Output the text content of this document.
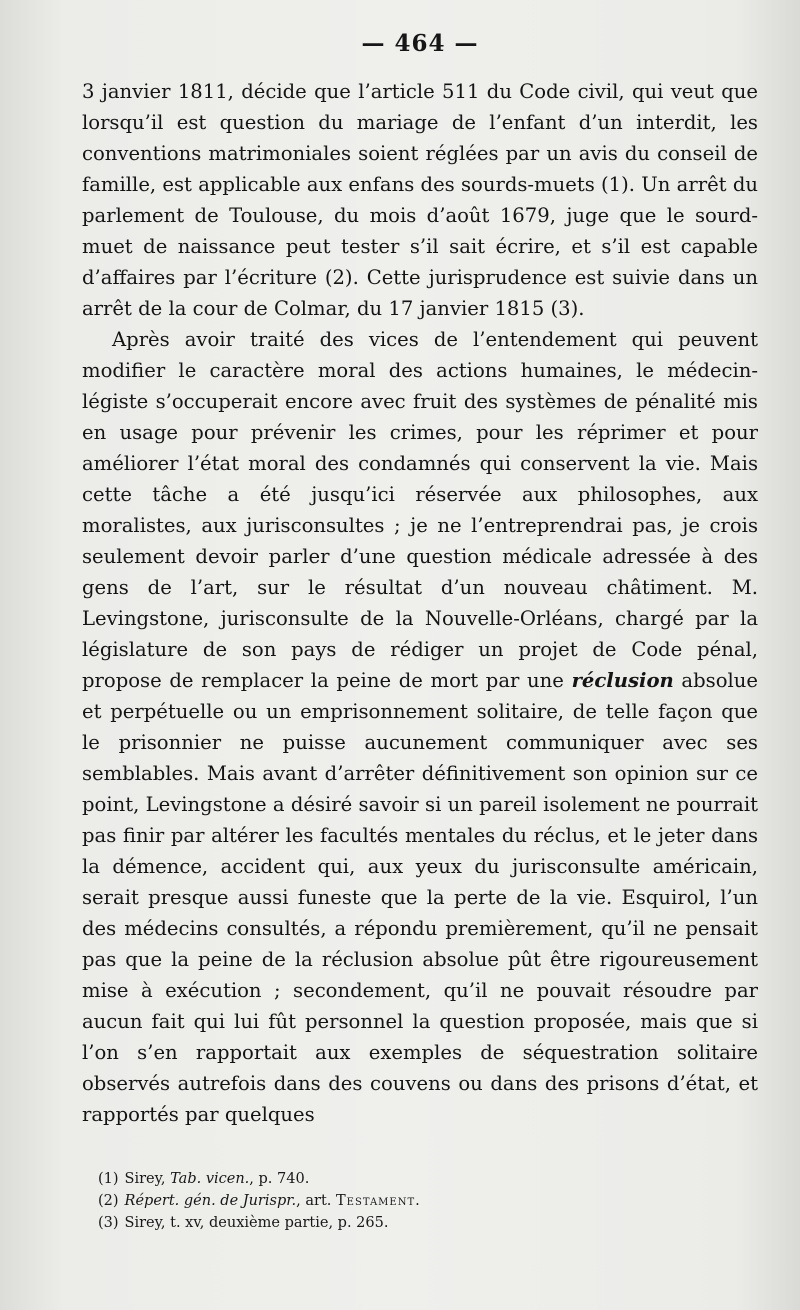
— 464 —

3 janvier 1811, décide que l’article 511 du Code civil, qui veut que lorsqu’il est question du mariage de l’enfant d’un interdit, les conventions matrimoniales soient réglées par un avis du conseil de famille, est applicable aux enfans des sourds-muets (1). Un arrêt du parlement de Toulouse, du mois d’août 1679, juge que le sourd-muet de naissance peut tester s’il sait écrire, et s’il est capable d’affaires par l’écriture (2). Cette jurisprudence est suivie dans un arrêt de la cour de Colmar, du 17 janvier 1815 (3).

Après avoir traité des vices de l’entendement qui peuvent modifier le caractère moral des actions humaines, le médecin-légiste s’occuperait encore avec fruit des systèmes de pénalité mis en usage pour prévenir les crimes, pour les réprimer et pour améliorer l’état moral des condamnés qui conservent la vie. Mais cette tâche a été jusqu’ici réservée aux philosophes, aux moralistes, aux jurisconsultes ; je ne l’entreprendrai pas, je crois seulement devoir parler d’une question médicale adressée à des gens de l’art, sur le résultat d’un nouveau châtiment. M. Levingstone, jurisconsulte de la Nouvelle-Orléans, chargé par la législature de son pays de rédiger un projet de Code pénal, propose de remplacer la peine de mort par une réclusion absolue et perpétuelle ou un emprisonnement solitaire, de telle façon que le prisonnier ne puisse aucunement communiquer avec ses semblables. Mais avant d’arrêter définitivement son opinion sur ce point, Levingstone a désiré savoir si un pareil isolement ne pourrait pas finir par altérer les facultés mentales du réclus, et le jeter dans la démence, accident qui, aux yeux du jurisconsulte américain, serait presque aussi funeste que la perte de la vie. Esquirol, l’un des médecins consultés, a répondu premièrement, qu’il ne pensait pas que la peine de la réclusion absolue pût être rigoureusement mise à exécution ; secondement, qu’il ne pouvait résoudre par aucun fait qui lui fût personnel la question proposée, mais que si l’on s’en rapportait aux exemples de séquestration solitaire observés autrefois dans des couvens ou dans des prisons d’état, et rapportés par quelques

(1) Sirey, Tab. vicen., p. 740.
(2) Répert. gén. de Jurispr., art. Testament.
(3) Sirey, t. xv, deuxième partie, p. 265.
